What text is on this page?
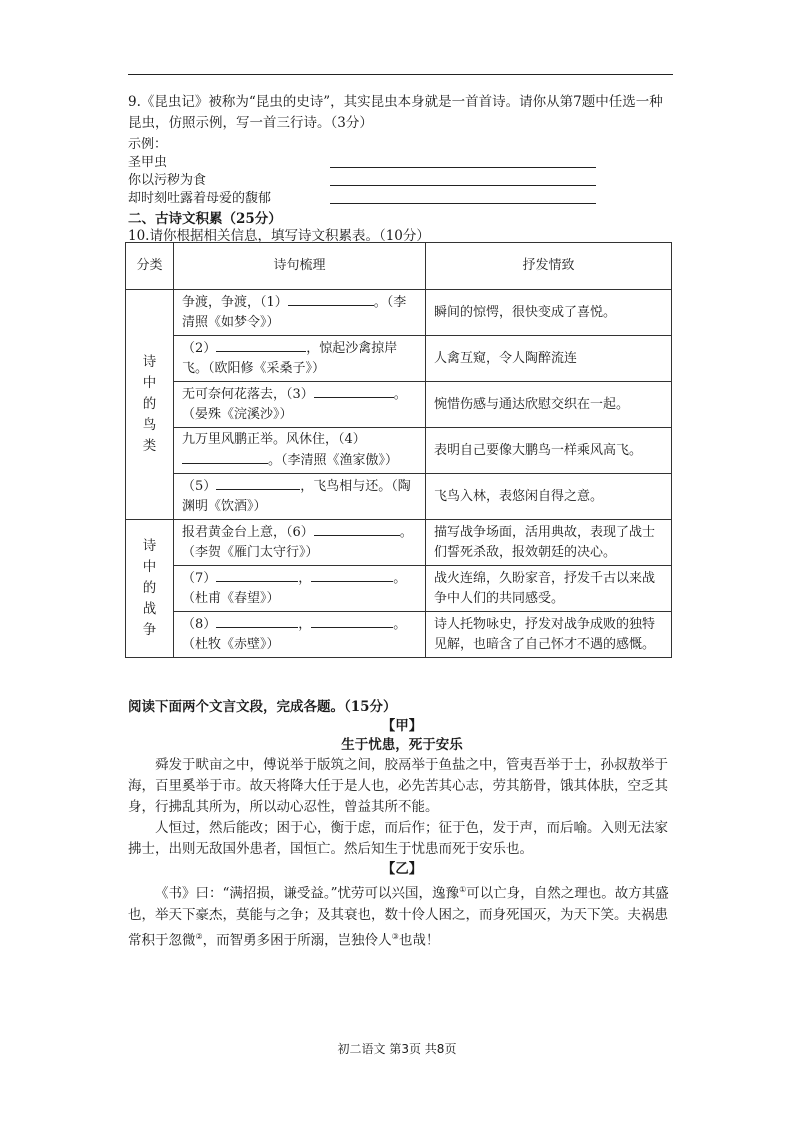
9.《昆虫记》被称为“昆虫的史诗”，其实昆虫本身就是一首首诗。请你从第7题中任选一种昆虫，仿照示例，写一首三行诗。（3分）
示例：
圣甲虫
你以污秽为食
却时刻吐露着母爱的馥郁
二、古诗文积累（25分）
10.请你根据相关信息，填写诗文积累表。（10分）
分类	诗句梳理	抒发情致
诗中的鸟类	争渡，争渡，（1） 。（李清照《如梦令》）	瞬间的惊愕，很快变成了喜悦。
	（2） ，惊起沙禽掠岸飞。（欧阳修《采桑子》）	人禽互窥，令人陶醉流连
	无可奈何花落去，（3） 。（晏殊《浣溪沙》）	惋惜伤感与通达欣慰交织在一起。
	九万里风鹏正举。风休住，（4）。（李清照《渔家傲》）	表明自己要像大鹏鸟一样乘风高飞。
	（5） ，飞鸟相与还。（陶渊明《饮酒》）	飞鸟入林，表悠闲自得之意。
诗中的战争	报君黄金台上意，（6） 。（李贺《雁门太守行》）	描写战争场面，活用典故，表现了战士们誓死杀敌，报效朝廷的决心。
	（7） ， 。（杜甫《春望》）	战火连绵，久盼家音，抒发千古以来战争中人们的共同感受。
	（8） ， 。（杜牧《赤壁》）	诗人托物咏史，抒发对战争成败的独特见解，也暗含了自己怀才不遇的感慨。
阅读下面两个文言文段，完成各题。（15分）
【甲】
生于忧患，死于安乐

舜发于畎亩之中，傅说举于版筑之间，胶鬲举于鱼盐之中，管夷吾举于士，孙叔敖举于海，百里奚举于市。故天将降大任于是人也，必先苦其心志，劳其筋骨，饿其体肤，空乏其身，行拂乱其所为，所以动心忍性，曾益其所不能。

人恒过，然后能改；困于心，衡于虑，而后作；征于色，发于声，而后喻。入则无法家拂士，出则无敌国外患者，国恒亡。然后知生于忧患而死于安乐也。

【乙】

《书》曰：“满招损，谦受益。”忧劳可以兴国，逸豫①可以亡身，自然之理也。故方其盛也，举天下豪杰，莫能与之争；及其衰也，数十伶人困之，而身死国灭，为天下笑。夫祸患常积于忽微②，而智勇多困于所溺，岂独伶人③也哉！

初二语文 第3页 共8页
